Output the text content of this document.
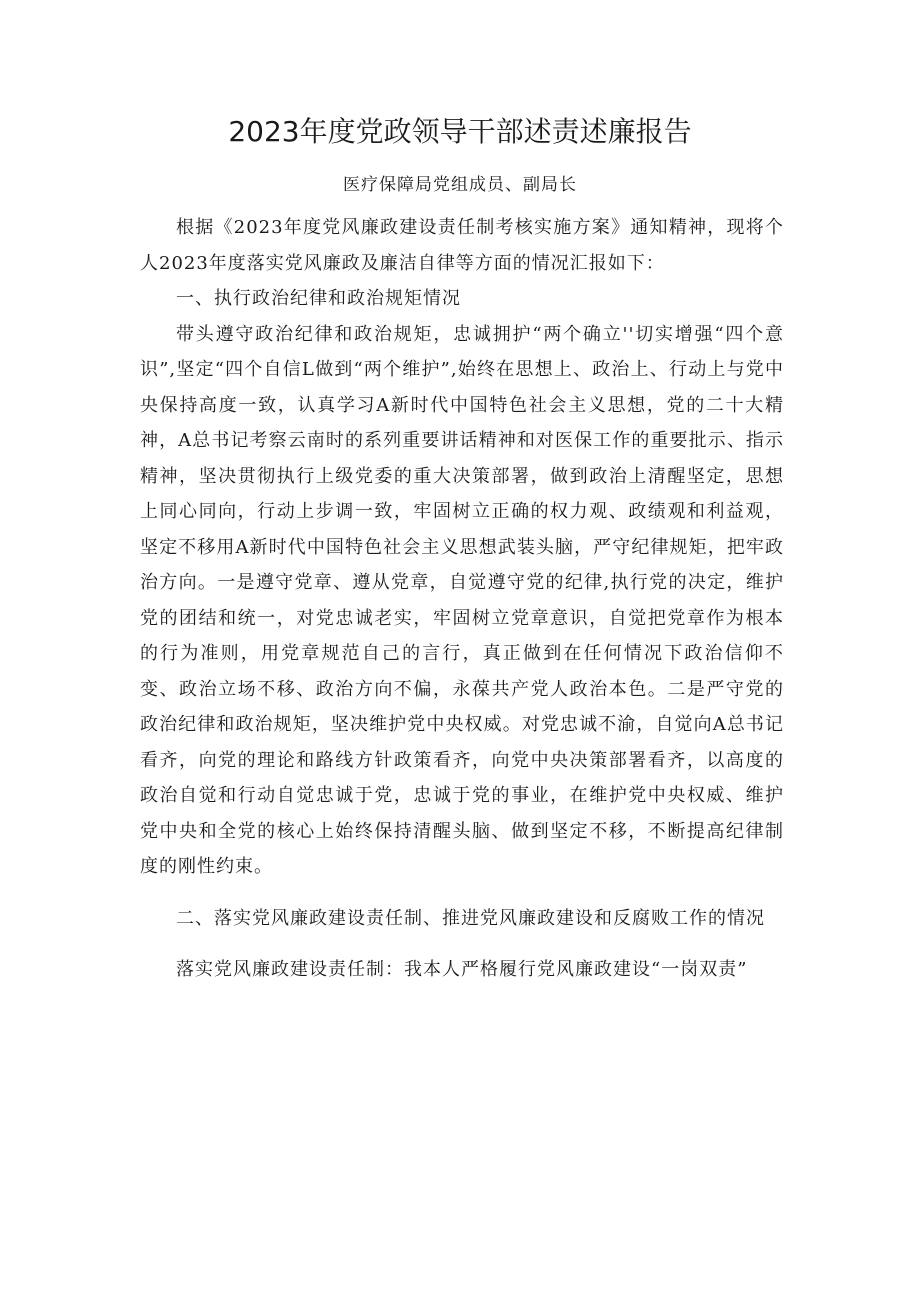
2023年度党政领导干部述责述廉报告
医疗保障局党组成员、副局长

根据《2023年度党风廉政建设责任制考核实施方案》通知精神，现将个人2023年度落实党风廉政及廉洁自律等方面的情况汇报如下：

一、执行政治纪律和政治规矩情况

带头遵守政治纪律和政治规矩，忠诚拥护“两个确立''切实增强“四个意识”,坚定“四个自信L做到“两个维护”,始终在思想上、政治上、行动上与党中央保持高度一致，认真学习A新时代中国特色社会主义思想，党的二十大精神，A总书记考察云南时的系列重要讲话精神和对医保工作的重要批示、指示精神，坚决贯彻执行上级党委的重大决策部署，做到政治上清醒坚定，思想上同心同向，行动上步调一致，牢固树立正确的权力观、政绩观和利益观，坚定不移用A新时代中国特色社会主义思想武装头脑，严守纪律规矩，把牢政治方向。一是遵守党章、遵从党章，自觉遵守党的纪律,执行党的决定，维护党的团结和统一，对党忠诚老实，牢固树立党章意识，自觉把党章作为根本的行为准则，用党章规范自己的言行，真正做到在任何情况下政治信仰不变、政治立场不移、政治方向不偏，永葆共产党人政治本色。二是严守党的政治纪律和政治规矩，坚决维护党中央权威。对党忠诚不渝，自觉向A总书记看齐，向党的理论和路线方针政策看齐，向党中央决策部署看齐，以高度的政治自觉和行动自觉忠诚于党，忠诚于党的事业，在维护党中央权威、维护党中央和全党的核心上始终保持清醒头脑、做到坚定不移，不断提高纪律制度的刚性约束。

二、落实党风廉政建设责任制、推进党风廉政建设和反腐败工作的情况

落实党风廉政建设责任制：我本人严格履行党风廉政建设“一岗双责”
